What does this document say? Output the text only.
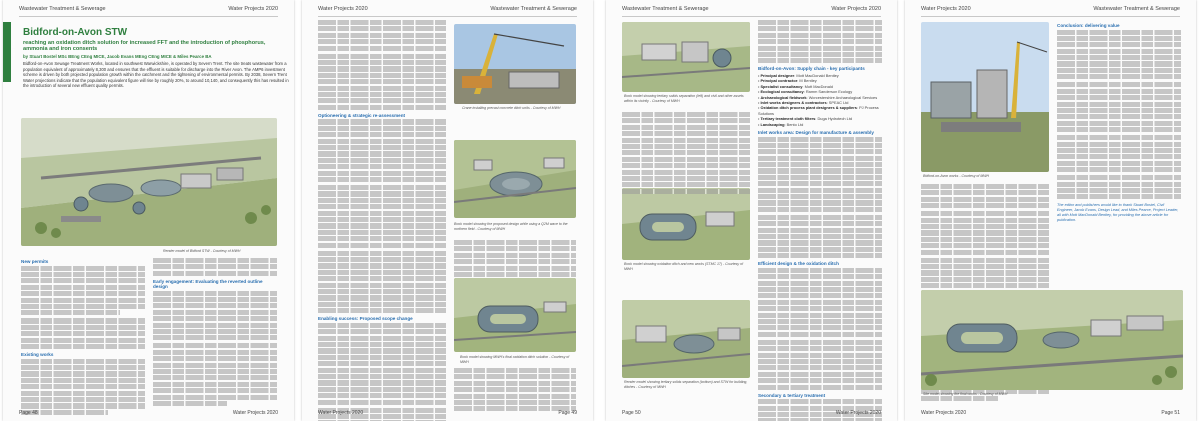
Wastewater Treatment & Sewerage	Water Projects 2020
Severn Trent
Bidford-on-Avon STW
reaching an oxidation ditch solution for increased FFT and the introduction of phosphorus, ammonia and iron consents
by Stuart Bostel MSc BEng CEng MICE, Jacob Evans MEng CEng MICE & Miles Pearce BA
Bidford-on-Avon Sewage Treatment Works, located in southwest Warwickshire, is operated by Severn Trent. The site treats wastewater from a population equivalent of approximately 8,300 and ensures that the effluent is suitable for discharge into the River Avon. The AMP6 investment scheme is driven by both projected population growth within the catchment and the tightening of environmental permits. By 2038, Severn Trent Water projections indicate that the population equivalent figure will rise by roughly 20%, to around 10,140, and consequently this has resulted in the introduction of several new effluent quality permits.
Render model of Bidford STW - Courtesy of MWH
New permits
Existing works
Early engagement: Evaluating the reverted outline design
Page 48	Water Projects 2020
Water Projects 2020	Wastewater Treatment & Sewerage
Optioneering & strategic re-assessment
Enabling success: Proposed scope change
Crane installing precast concrete ditch units - Courtesy of MWH
Book model showing the proposed design while using a Q2M wave to the northern field - Courtesy of MWH
Book model showing MWH's final oxidation ditch solution - Courtesy of MWH
Water Projects 2020	Page 49
Wastewater Treatment & Sewerage	Water Projects 2020
Book model showing tertiary solids separation (left) and civil and other assets within its vicinity - Courtesy of MWH
Book model showing oxidation ditch and new works (STMC 17) - Courtesy of MWH
Render model showing tertiary solids separation (bottom) and STW for building, ditches - Courtesy of MWH
Bidford-on-Avon: Supply chain - key participants
• Principal designer: Mott MacDonald Bentley
• Principal contractor: M Bentley
• Specialist consultancy: Mott MacDonald
• Ecological consultancy: Ramm Sanderson Ecology
• Archaeological fieldwork: Worcestershire Archaeological Services
• Inlet works designers & contractors: SPEAC Ltd
• Oxidation ditch process plant designers & suppliers: PJ Process Solutions
• Tertiary treatment cloth filters: Duga Hydrotech Ltd
• Landscaping: Bento Ltd
Inlet works area: Design for manufacture & assembly
Efficient design & the oxidation ditch
Secondary & tertiary treatment
Page 50	Water Projects 2020
Water Projects 2020	Wastewater Treatment & Sewerage
Bidford-on-Avon works - Courtesy of MWH
Conclusion: delivering value
The editor and publishers would like to thank Stuart Bostel, Civil Engineer, Jacob Evans, Design Lead, and Miles Pearce, Project Leader, all with Mott MacDonald Bentley, for providing the above article for publication.
Site model showing the final works - Courtesy of MWH
Water Projects 2020	Page 51
